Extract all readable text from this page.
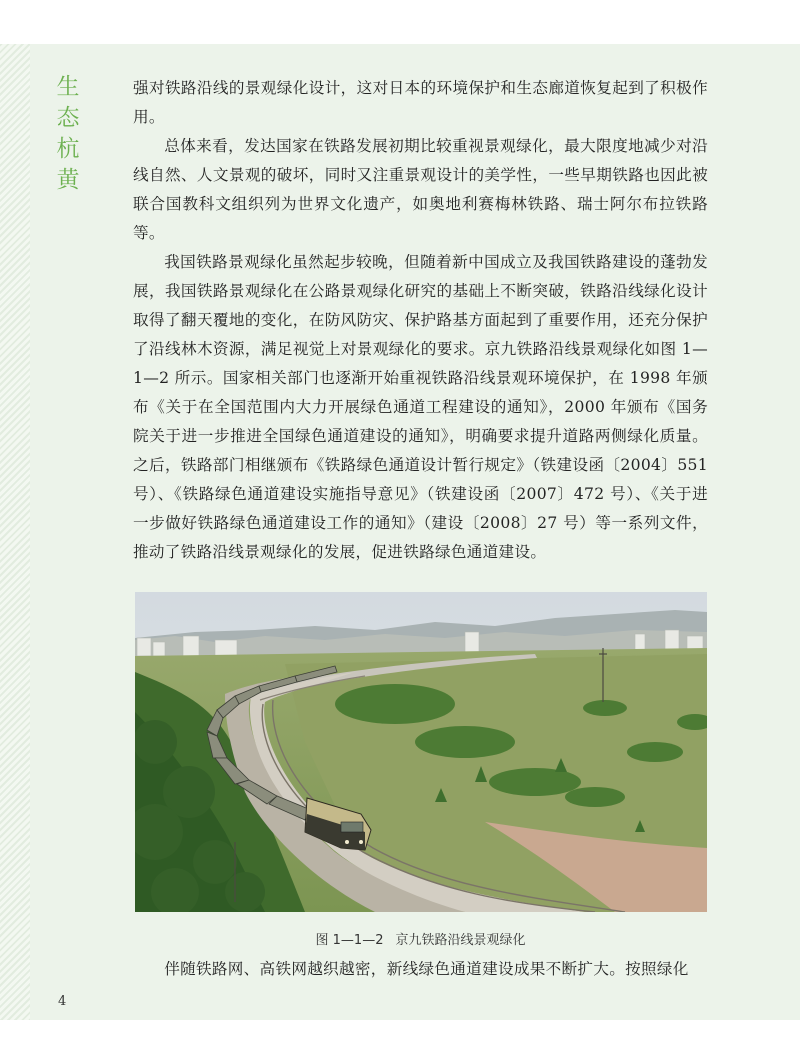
生
态
杭
黄

强对铁路沿线的景观绿化设计，这对日本的环境保护和生态廊道恢复起到了积极作用。

总体来看，发达国家在铁路发展初期比较重视景观绿化，最大限度地减少对沿线自然、人文景观的破坏，同时又注重景观设计的美学性，一些早期铁路也因此被联合国教科文组织列为世界文化遗产，如奥地利赛梅林铁路、瑞士阿尔布拉铁路等。

我国铁路景观绿化虽然起步较晚，但随着新中国成立及我国铁路建设的蓬勃发展，我国铁路景观绿化在公路景观绿化研究的基础上不断突破，铁路沿线绿化设计取得了翻天覆地的变化，在防风防灾、保护路基方面起到了重要作用，还充分保护了沿线林木资源，满足视觉上对景观绿化的要求。京九铁路沿线景观绿化如图 1—1—2 所示。国家相关部门也逐渐开始重视铁路沿线景观环境保护，在 1998 年颁布《关于在全国范围内大力开展绿色通道工程建设的通知》，2000 年颁布《国务院关于进一步推进全国绿色通道建设的通知》，明确要求提升道路两侧绿化质量。之后，铁路部门相继颁布《铁路绿色通道设计暂行规定》（铁建设函〔2004〕551 号）、《铁路绿色通道建设实施指导意见》（铁建设函〔2007〕472 号）、《关于进一步做好铁路绿色通道建设工作的通知》（建设〔2008〕27 号）等一系列文件，推动了铁路沿线景观绿化的发展，促进铁路绿色通道建设。

图 1—1—2 京九铁路沿线景观绿化

伴随铁路网、高铁网越织越密，新线绿色通道建设成果不断扩大。按照绿化

4
